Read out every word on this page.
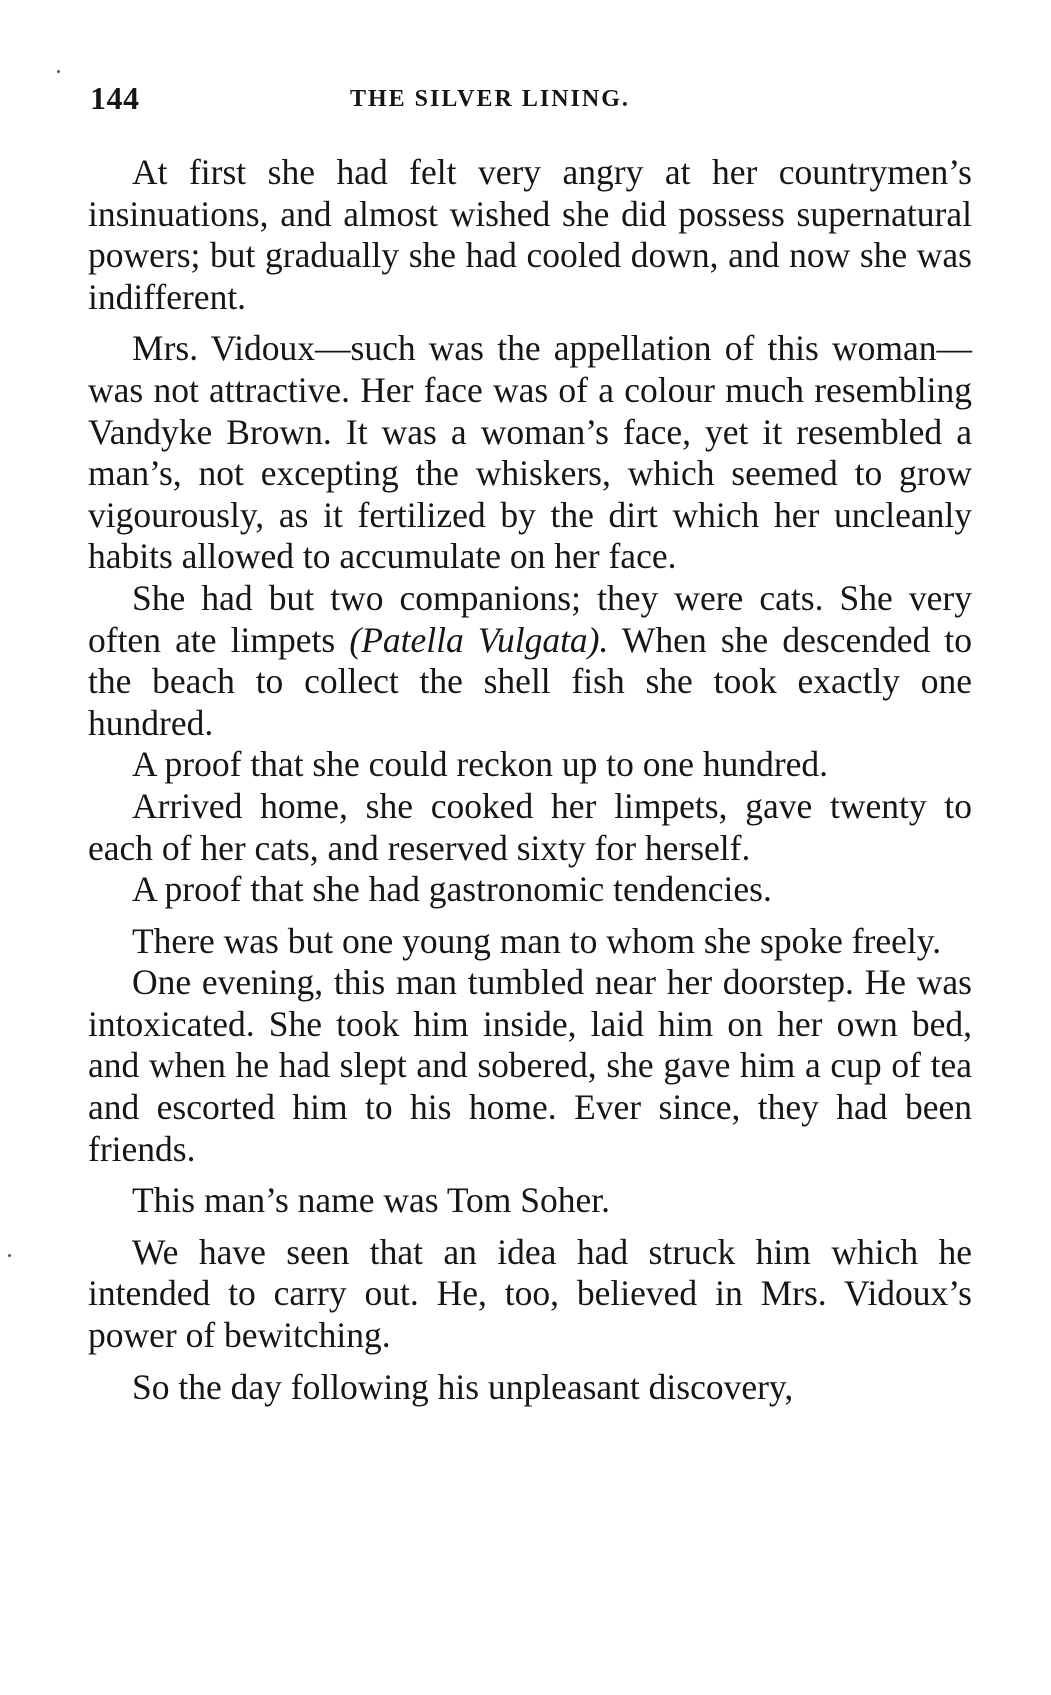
144	THE SILVER LINING.

At first she had felt very angry at her countrymen’s insinuations, and almost wished she did possess supernatural powers; but gradually she had cooled down, and now she was indifferent.

Mrs. Vidoux—such was the appellation of this woman—was not attractive. Her face was of a colour much resembling Vandyke Brown. It was a woman’s face, yet it resembled a man’s, not excepting the whiskers, which seemed to grow vigourously, as it fertilized by the dirt which her uncleanly habits allowed to accumulate on her face.

She had but two companions; they were cats. She very often ate limpets (Patella Vulgata). When she descended to the beach to collect the shell fish she took exactly one hundred.

A proof that she could reckon up to one hundred.

Arrived home, she cooked her limpets, gave twenty to each of her cats, and reserved sixty for herself.

A proof that she had gastronomic tendencies.

There was but one young man to whom she spoke freely.

One evening, this man tumbled near her doorstep. He was intoxicated. She took him inside, laid him on her own bed, and when he had slept and sobered, she gave him a cup of tea and escorted him to his home. Ever since, they had been friends.

This man’s name was Tom Soher.

We have seen that an idea had struck him which he intended to carry out. He, too, believed in Mrs. Vidoux’s power of bewitching.

So the day following his unpleasant discovery,
